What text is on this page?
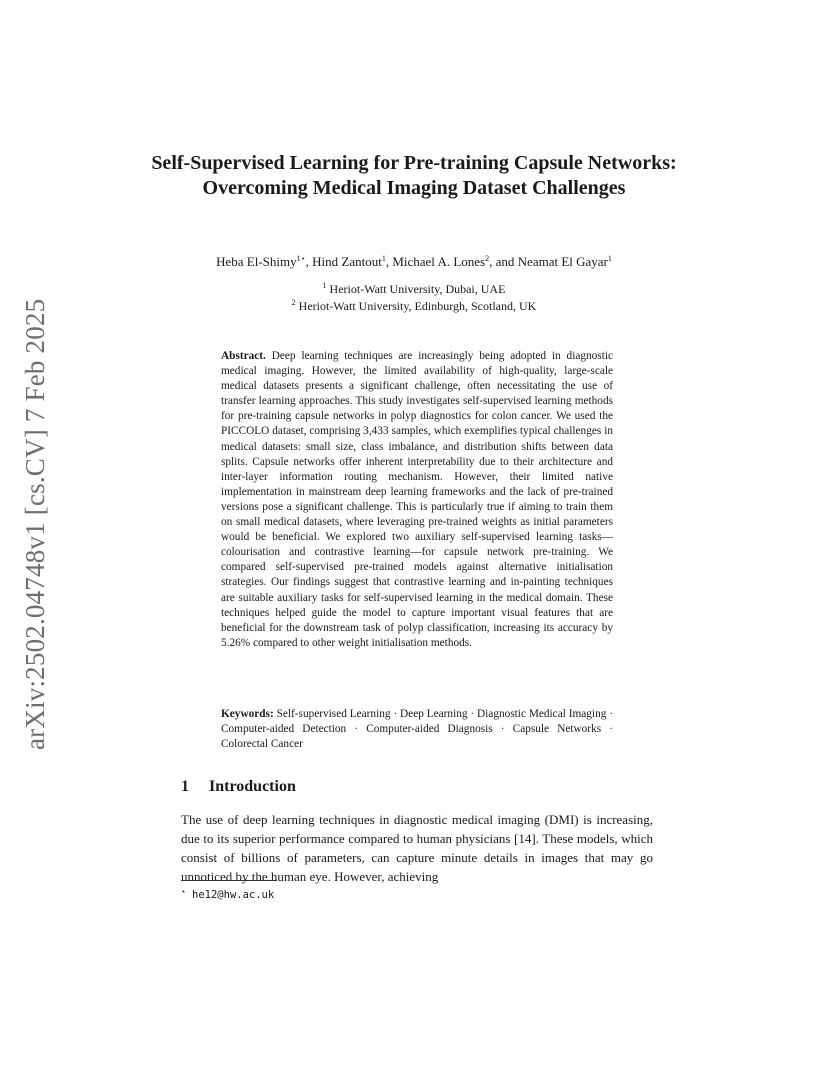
arXiv:2502.04748v1 [cs.CV] 7 Feb 2025
Self-Supervised Learning for Pre-training Capsule Networks: Overcoming Medical Imaging Dataset Challenges
Heba El-Shimy$^{1⋆}$, Hind Zantout$^1$, Michael A. Lones$^2$, and Neamat El Gayar$^1$
$^1$ Heriot-Watt University, Dubai, UAE
$^2$ Heriot-Watt University, Edinburgh, Scotland, UK
Abstract. Deep learning techniques are increasingly being adopted in diagnostic medical imaging. However, the limited availability of high-quality, large-scale medical datasets presents a significant challenge, often necessitating the use of transfer learning approaches. This study investigates self-supervised learning methods for pre-training capsule networks in polyp diagnostics for colon cancer. We used the PICCOLO dataset, comprising 3,433 samples, which exemplifies typical challenges in medical datasets: small size, class imbalance, and distribution shifts between data splits. Capsule networks offer inherent interpretability due to their architecture and inter-layer information routing mechanism. However, their limited native implementation in mainstream deep learning frameworks and the lack of pre-trained versions pose a significant challenge. This is particularly true if aiming to train them on small medical datasets, where leveraging pre-trained weights as initial parameters would be beneficial. We explored two auxiliary self-supervised learning tasks—colourisation and contrastive learning—for capsule network pre-training. We compared self-supervised pre-trained models against alternative initialisation strategies. Our findings suggest that contrastive learning and in-painting techniques are suitable auxiliary tasks for self-supervised learning in the medical domain. These techniques helped guide the model to capture important visual features that are beneficial for the downstream task of polyp classification, increasing its accuracy by 5.26% compared to other weight initialisation methods.
Keywords: Self-supervised Learning · Deep Learning · Diagnostic Medical Imaging · Computer-aided Detection · Computer-aided Diagnosis · Capsule Networks · Colorectal Cancer
1 Introduction
The use of deep learning techniques in diagnostic medical imaging (DMI) is increasing, due to its superior performance compared to human physicians [14]. These models, which consist of billions of parameters, can capture minute details in images that may go unnoticed by the human eye. However, achieving
⋆ he12@hw.ac.uk
